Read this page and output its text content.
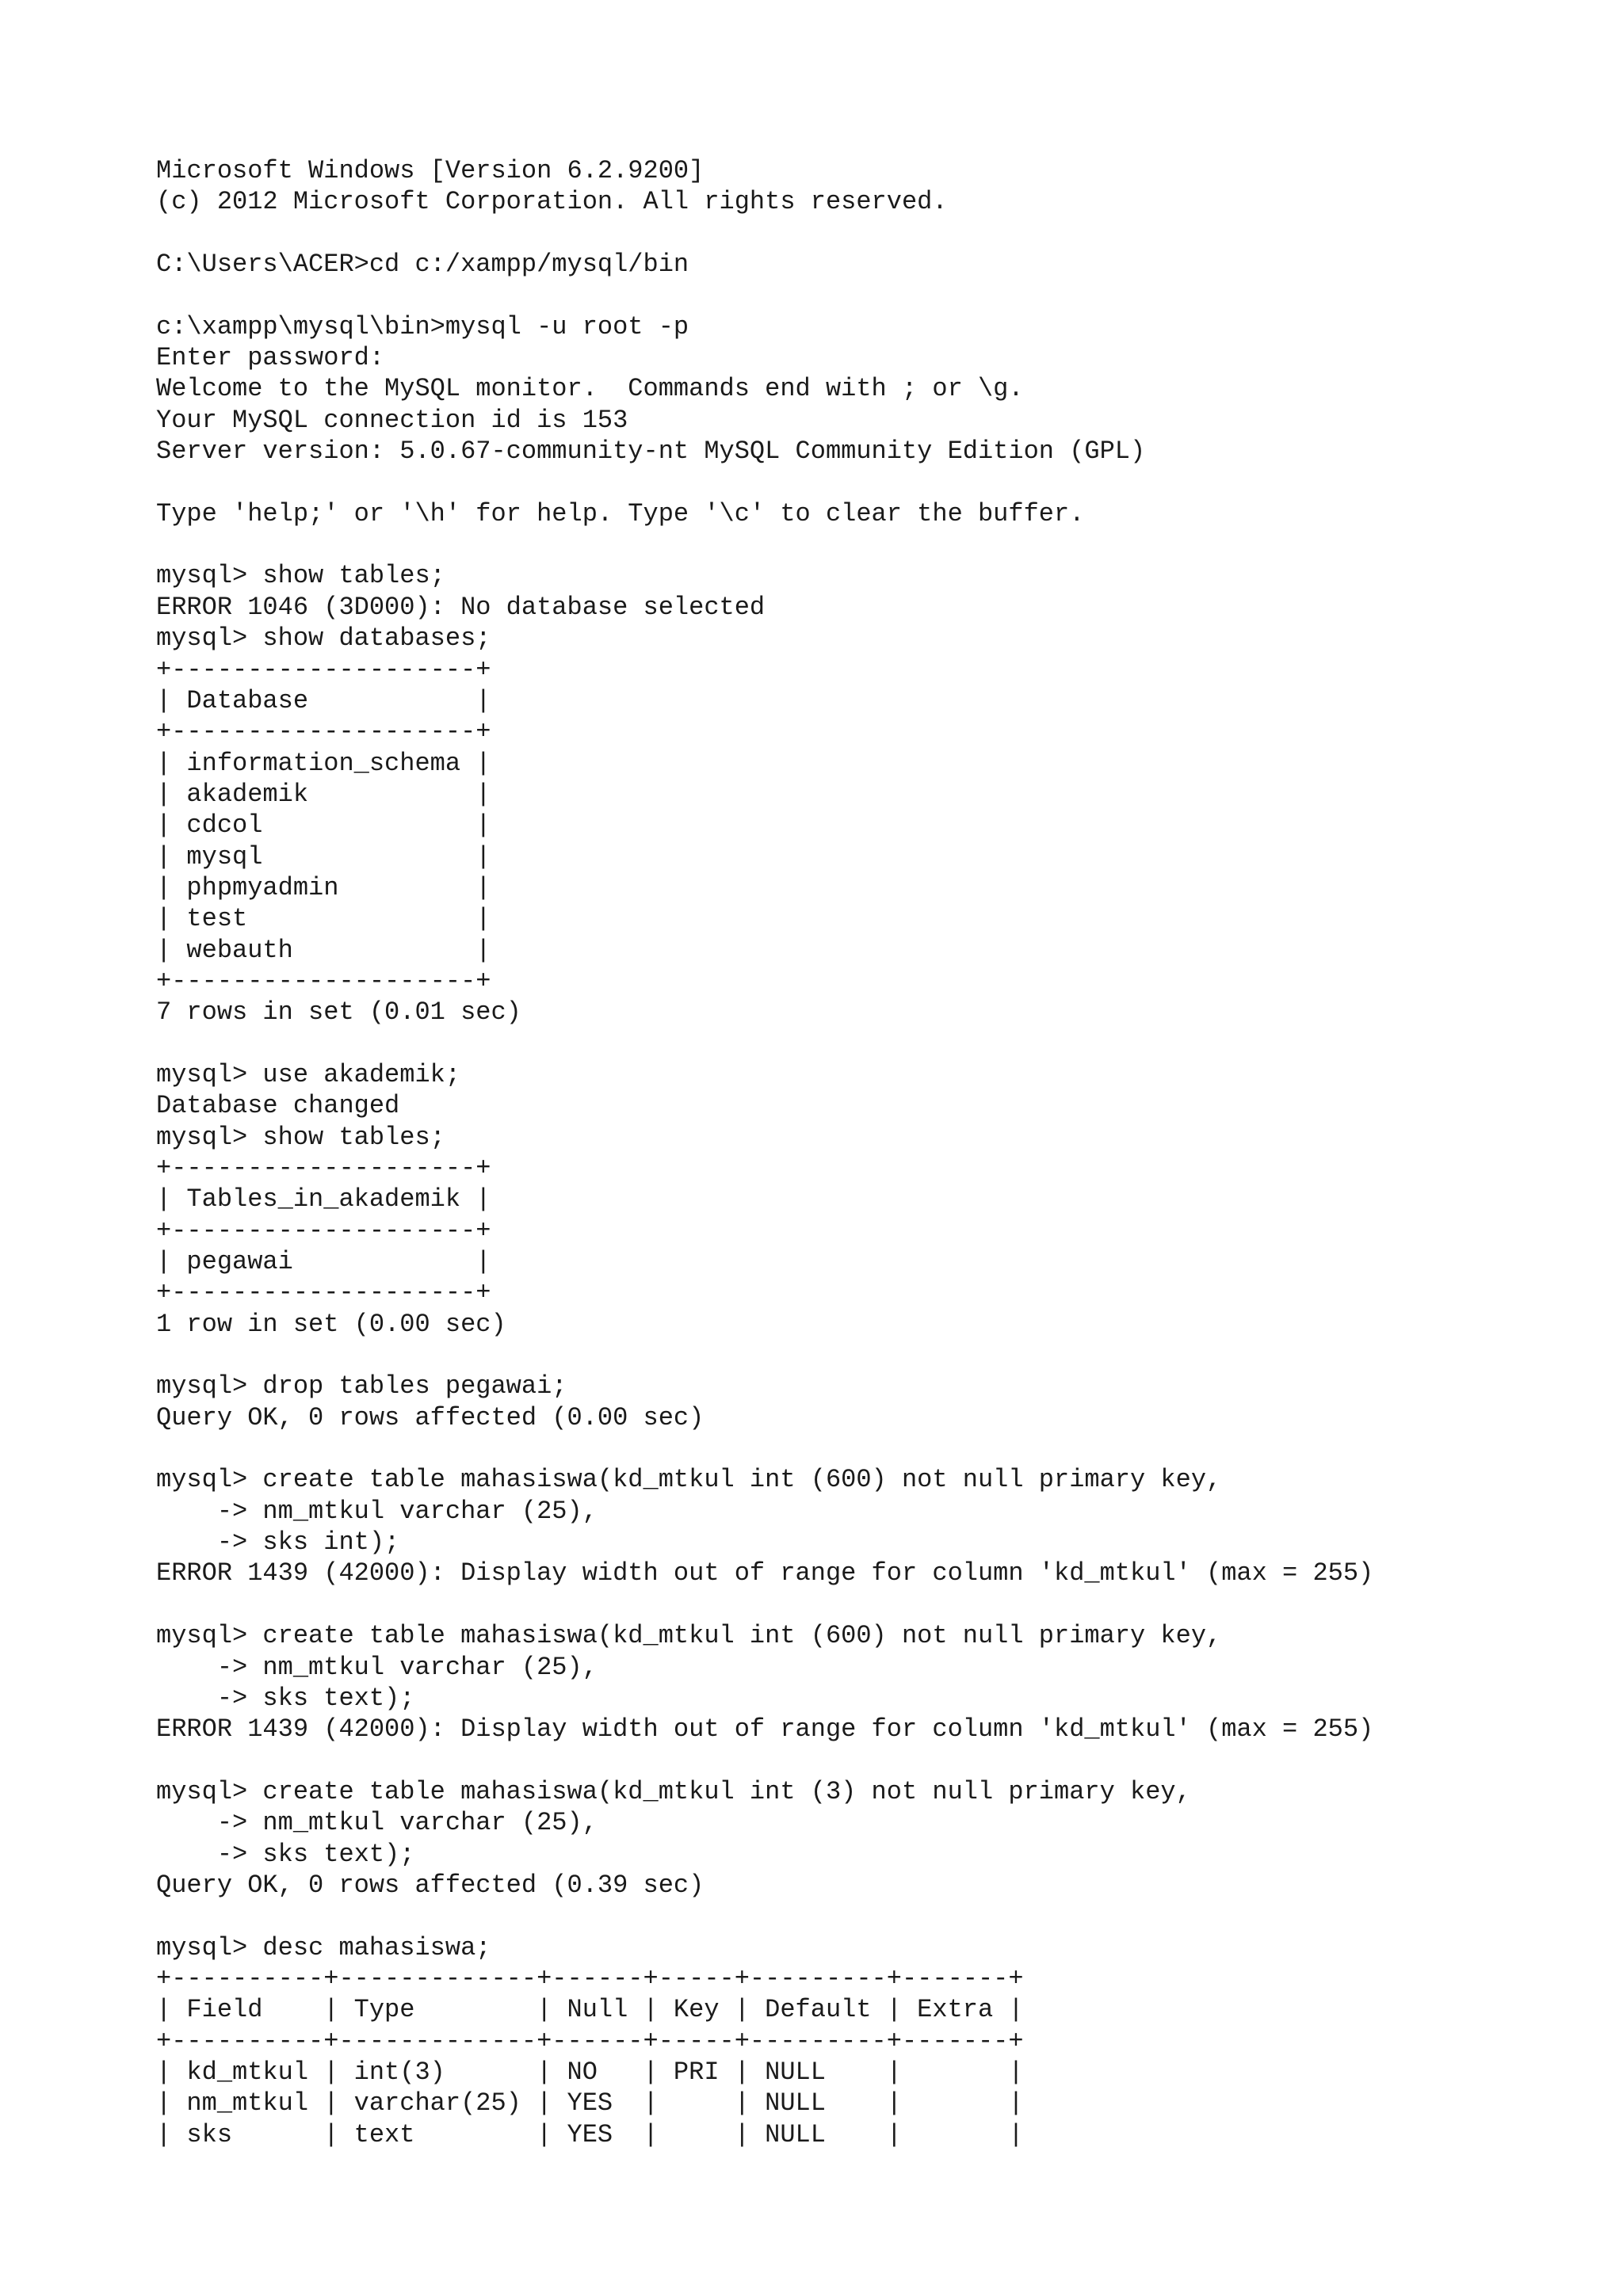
Microsoft Windows [Version 6.2.9200]
(c) 2012 Microsoft Corporation. All rights reserved.
C:\Users\ACER>cd c:/xampp/mysql/bin
c:\xampp\mysql\bin>mysql -u root -p
Enter password:
Welcome to the MySQL monitor.  Commands end with ; or \g.
Your MySQL connection id is 153
Server version: 5.0.67-community-nt MySQL Community Edition (GPL)
Type 'help;' or '\h' for help. Type '\c' to clear the buffer.
mysql> show tables;
ERROR 1046 (3D000): No database selected
mysql> show databases;
+--------------------+
| Database           |
+--------------------+
| information_schema |
| akademik           |
| cdcol              |
| mysql              |
| phpmyadmin         |
| test               |
| webauth            |
+--------------------+
7 rows in set (0.01 sec)
mysql> use akademik;
Database changed
mysql> show tables;
+--------------------+
| Tables_in_akademik |
+--------------------+
| pegawai            |
+--------------------+
1 row in set (0.00 sec)
mysql> drop tables pegawai;
Query OK, 0 rows affected (0.00 sec)
mysql> create table mahasiswa(kd_mtkul int (600) not null primary key,
-> nm_mtkul varchar (25),
-> sks int);
ERROR 1439 (42000): Display width out of range for column 'kd_mtkul' (max = 255)
mysql> create table mahasiswa(kd_mtkul int (600) not null primary key,
-> nm_mtkul varchar (25),
-> sks text);
ERROR 1439 (42000): Display width out of range for column 'kd_mtkul' (max = 255)
mysql> create table mahasiswa(kd_mtkul int (3) not null primary key,
-> nm_mtkul varchar (25),
-> sks text);
Query OK, 0 rows affected (0.39 sec)
mysql> desc mahasiswa;
+----------+-------------+------+-----+---------+-------+
| Field    | Type        | Null | Key | Default | Extra |
+----------+-------------+------+-----+---------+-------+
| kd_mtkul | int(3)      | NO   | PRI | NULL    |       |
| nm_mtkul | varchar(25) | YES  |     | NULL    |       |
| sks      | text        | YES  |     | NULL    |       |
